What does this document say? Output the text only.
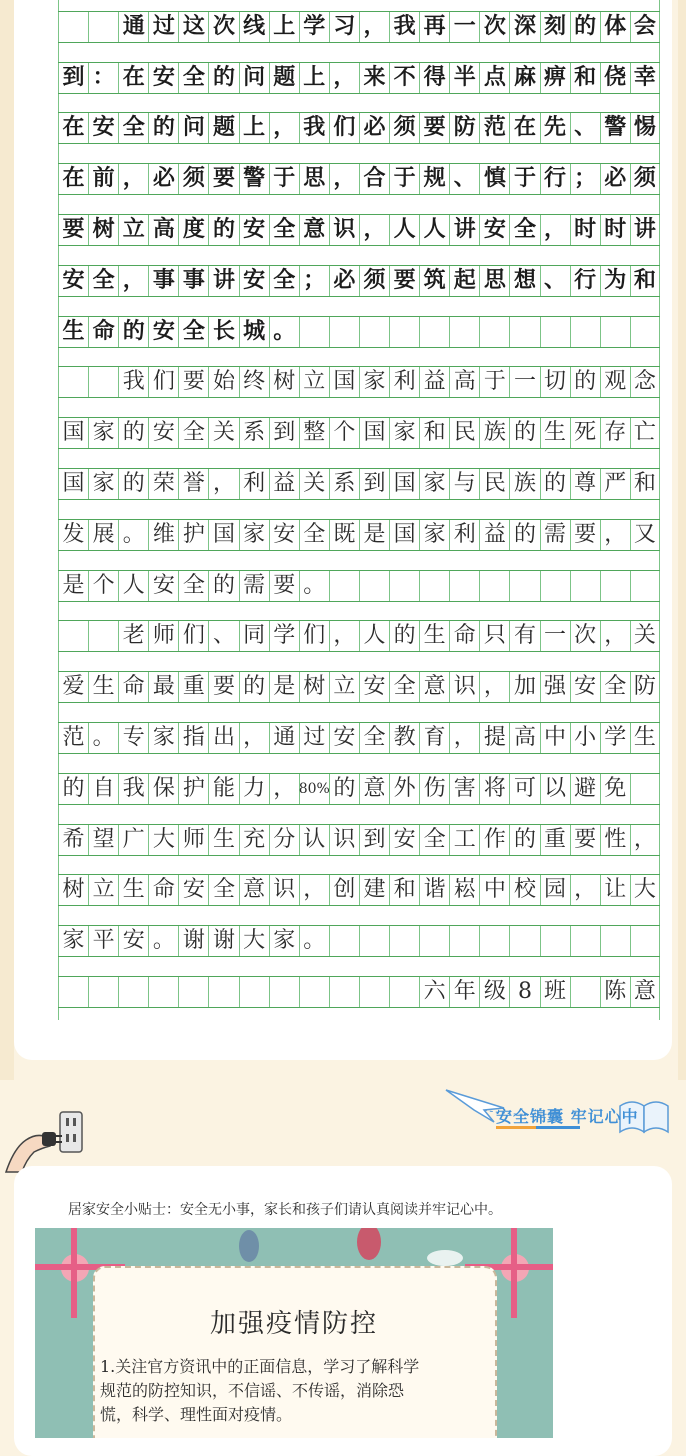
通 过 这 次 线 上 学 习 ， 我 再 一 次 深 刻 的 体 会
到 ： 在 安 全 的 问 题 上 ， 来 不 得 半 点 麻 痹 和 侥 幸
在 安 全 的 问 题 上 ， 我 们 必 须 要 防 范 在 先 、 警 惕
在 前 ， 必 须 要 警 于 思 ， 合 于 规 、 慎 于 行 ； 必 须
要 树 立 高 度 的 安 全 意 识 ， 人 人 讲 安 全 ， 时 时 讲
安 全 ， 事 事 讲 安 全 ； 必 须 要 筑 起 思 想 、 行 为 和
生 命 的 安 全 长 城 。
我 们 要 始 终 树 立 国 家 利 益 高 于 一 切 的 观 念
国 家 的 安 全 关 系 到 整 个 国 家 和 民 族 的 生 死 存 亡
国 家 的 荣 誉 ， 利 益 关 系 到 国 家 与 民 族 的 尊 严 和
发 展 。 维 护 国 家 安 全 既 是 国 家 利 益 的 需 要 ， 又
是 个 人 安 全 的 需 要 。
老 师 们 、 同 学 们 ， 人 的 生 命 只 有 一 次 ， 关
爱 生 命 最 重 要 的 是 树 立 安 全 意 识 ， 加 强 安 全 防
范 。 专 家 指 出 ， 通 过 安 全 教 育 ， 提 高 中 小 学 生
的 自 我 保 护 能 力 ， 80% 的 意 外 伤 害 将 可 以 避 免
希 望 广 大 师 生 充 分 认 识 到 安 全 工 作 的 重 要 性 ，
树 立 生 命 安 全 意 识 ， 创 建 和 谐 崧 中 校 园 ， 让 大
家 平 安 。 谢 谢 大 家 。
六 年 级 8 班 陈 意
安全锦囊 牢记心中
居家安全小贴士：安全无小事，家长和孩子们请认真阅读并牢记心中。
加强疫情防控
1.关注官方资讯中的正面信息，学习了解科学
规范的防控知识，不信谣、不传谣，消除恐
慌，科学、理性面对疫情。
